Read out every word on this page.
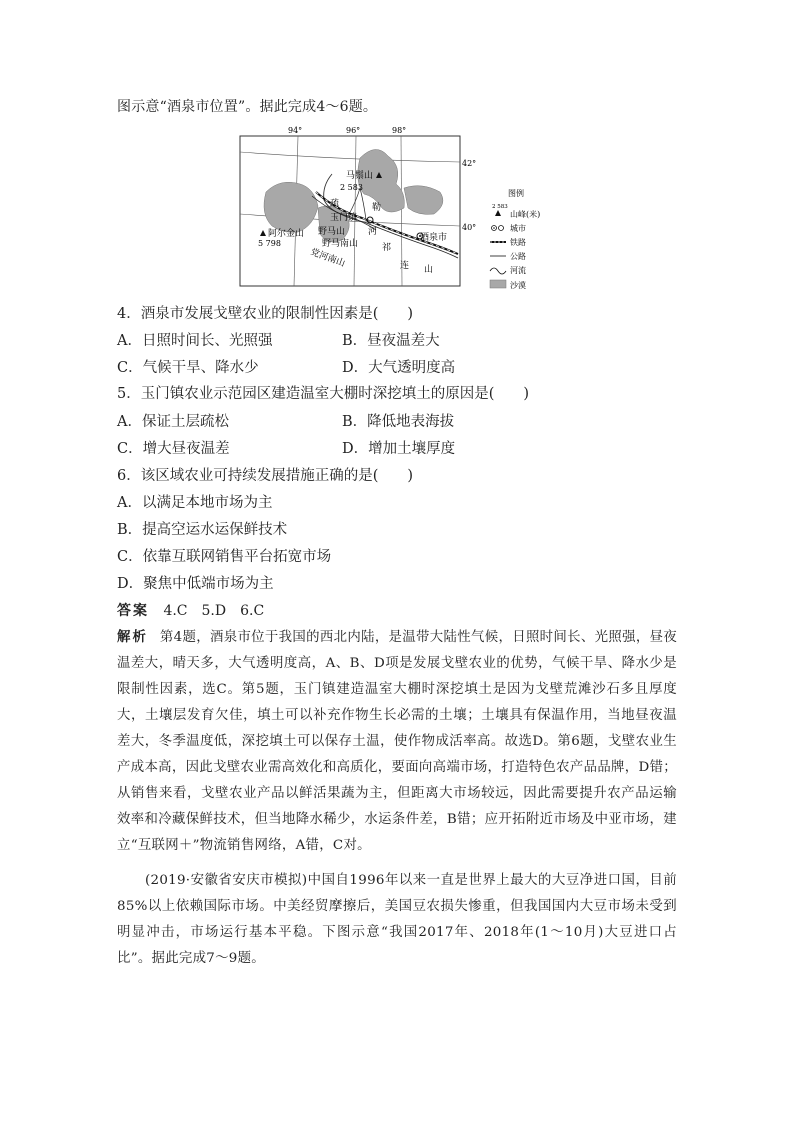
图示意“酒泉市位置”。据此完成4～6题。
94°	96°	98°
42°
40°
马鬃山
2 583
疏	勒
玉门镇
阿尔金山
5 798
野马山	河
野马南山	祁
酒泉市
连 山
党河南山
图例
2 583
山峰(米)
城市
铁路
公路
河流
沙漠
4．酒泉市发展戈壁农业的限制性因素是(　　)
A．日照时间长、光照强	B．昼夜温差大
C．气候干旱、降水少	D．大气透明度高
5．玉门镇农业示范园区建造温室大棚时深挖填土的原因是(　　)
A．保证土层疏松	B．降低地表海拔
C．增大昼夜温差	D．增加土壤厚度
6．该区域农业可持续发展措施正确的是(　　)
A．以满足本地市场为主
B．提高空运水运保鲜技术
C．依靠互联网销售平台拓宽市场
D．聚焦中低端市场为主
答案 4.C　5.D　6.C
解析 第4题，酒泉市位于我国的西北内陆，是温带大陆性气候，日照时间长、光照强，昼夜温差大，晴天多，大气透明度高，A、B、D项是发展戈壁农业的优势，气候干旱、降水少是限制性因素，选C。第5题，玉门镇建造温室大棚时深挖填土是因为戈壁荒滩沙石多且厚度大，土壤层发育欠佳，填土可以补充作物生长必需的土壤；土壤具有保温作用，当地昼夜温差大，冬季温度低，深挖填土可以保存土温，使作物成活率高。故选D。第6题，戈壁农业生产成本高，因此戈壁农业需高效化和高质化，要面向高端市场，打造特色农产品品牌，D错；从销售来看，戈壁农业产品以鲜活果蔬为主，但距离大市场较远，因此需要提升农产品运输效率和冷藏保鲜技术，但当地降水稀少，水运条件差，B错；应开拓附近市场及中亚市场，建立“互联网＋”物流销售网络，A错，C对。
(2019·安徽省安庆市模拟)中国自1996年以来一直是世界上最大的大豆净进口国，目前85%以上依赖国际市场。中美经贸摩擦后，美国豆农损失惨重，但我国国内大豆市场未受到明显冲击，市场运行基本平稳。下图示意“我国2017年、2018年(1～10月)大豆进口占比”。据此完成7～9题。
